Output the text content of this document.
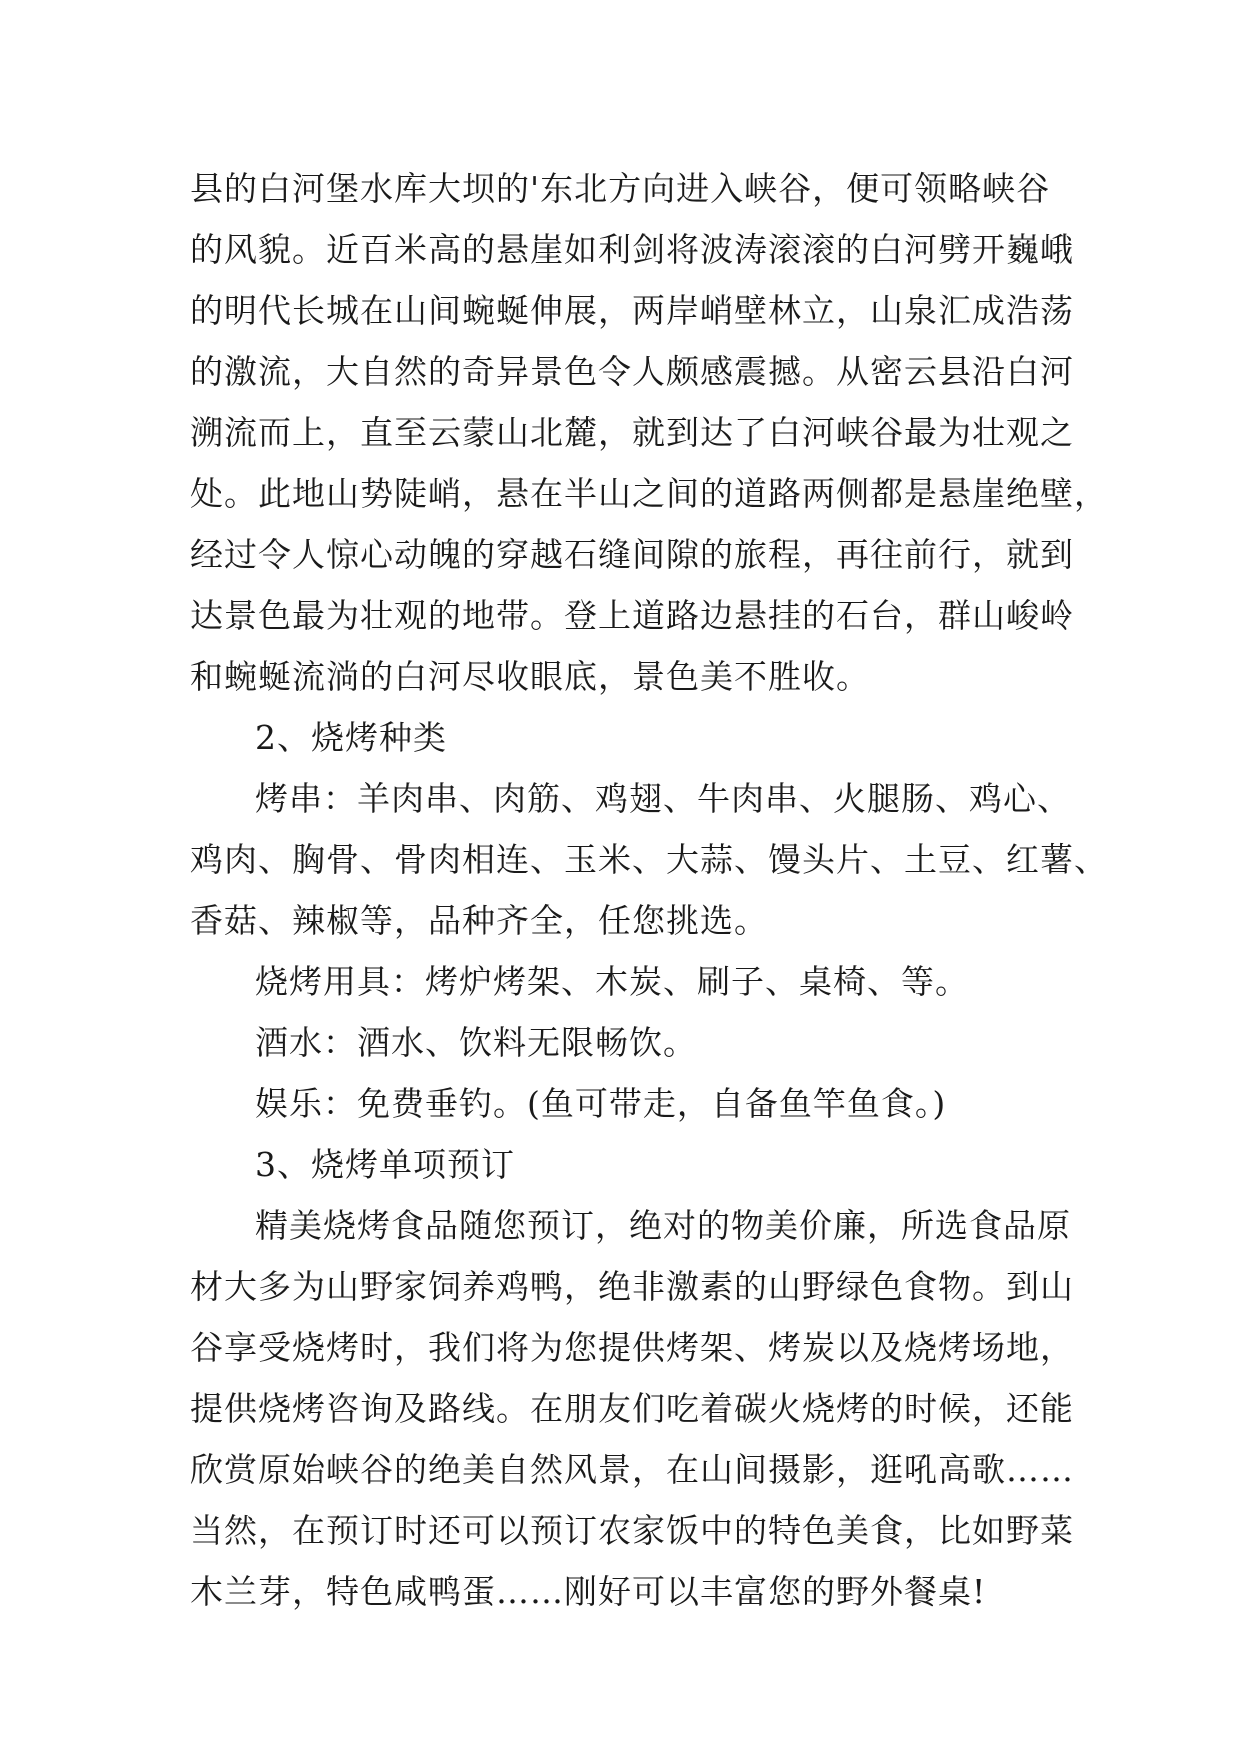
县的白河堡水库大坝的'东北方向进入峡谷，便可领略峡谷
的风貌。近百米高的悬崖如利剑将波涛滚滚的白河劈开巍峨
的明代长城在山间蜿蜒伸展，两岸峭壁林立，山泉汇成浩荡
的激流，大自然的奇异景色令人颇感震撼。从密云县沿白河
溯流而上，直至云蒙山北麓，就到达了白河峡谷最为壮观之
处。此地山势陡峭，悬在半山之间的道路两侧都是悬崖绝壁，
经过令人惊心动魄的穿越石缝间隙的旅程，再往前行，就到
达景色最为壮观的地带。登上道路边悬挂的石台，群山峻岭
和蜿蜒流淌的白河尽收眼底，景色美不胜收。
2、烧烤种类
烤串：羊肉串、肉筋、鸡翅、牛肉串、火腿肠、鸡心、
鸡肉、胸骨、骨肉相连、玉米、大蒜、馒头片、土豆、红薯、
香菇、辣椒等，品种齐全，任您挑选。
烧烤用具：烤炉烤架、木炭、刷子、桌椅、等。
酒水：酒水、饮料无限畅饮。
娱乐：免费垂钓。(鱼可带走，自备鱼竿鱼食。)
3、烧烤单项预订
精美烧烤食品随您预订，绝对的物美价廉，所选食品原
材大多为山野家饲养鸡鸭，绝非激素的山野绿色食物。到山
谷享受烧烤时，我们将为您提供烤架、烤炭以及烧烤场地，
提供烧烤咨询及路线。在朋友们吃着碳火烧烤的时候，还能
欣赏原始峡谷的绝美自然风景，在山间摄影，逛吼高歌……
当然，在预订时还可以预订农家饭中的特色美食，比如野菜
木兰芽，特色咸鸭蛋……刚好可以丰富您的野外餐桌!
